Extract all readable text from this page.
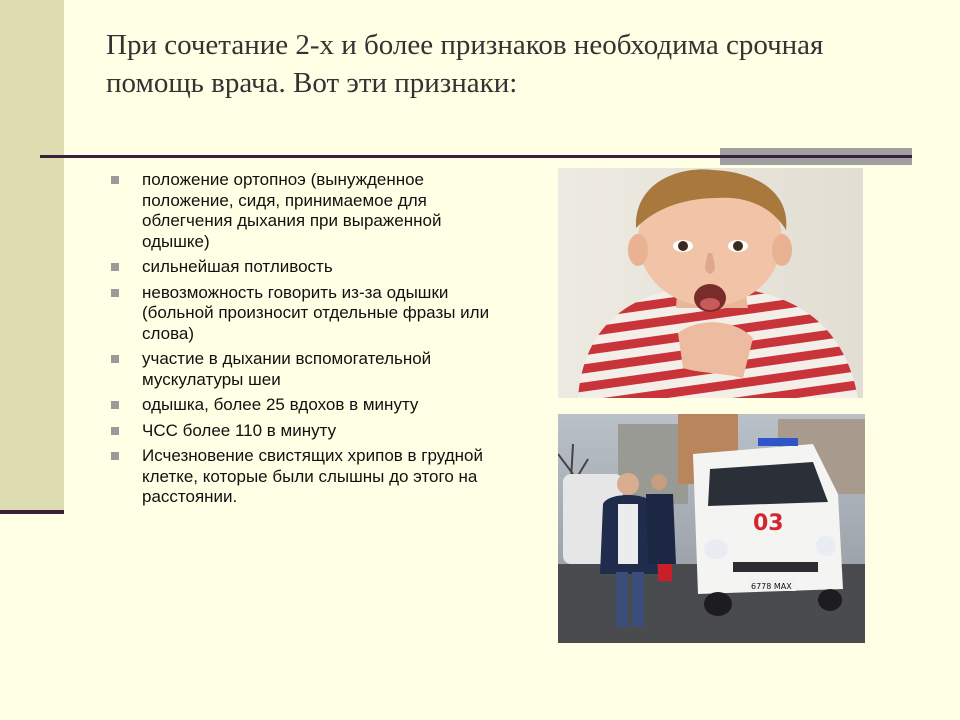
При сочетание 2-х и более признаков необходима срочная помощь врача. Вот эти признаки:
положение ортопноэ (вынужденное положение, сидя, принимаемое для облегчения дыхания при выраженной одышке)
сильнейшая потливость
невозможность говорить из-за одышки (больной произносит отдельные фразы или слова)
участие в дыхании вспомогательной мускулатуры шеи
одышка, более 25 вдохов в минуту
ЧСС более 110 в минуту
Исчезновение свистящих хрипов в грудной клетке, которые были слышны до этого на расстоянии.
03
6778 МАХ
